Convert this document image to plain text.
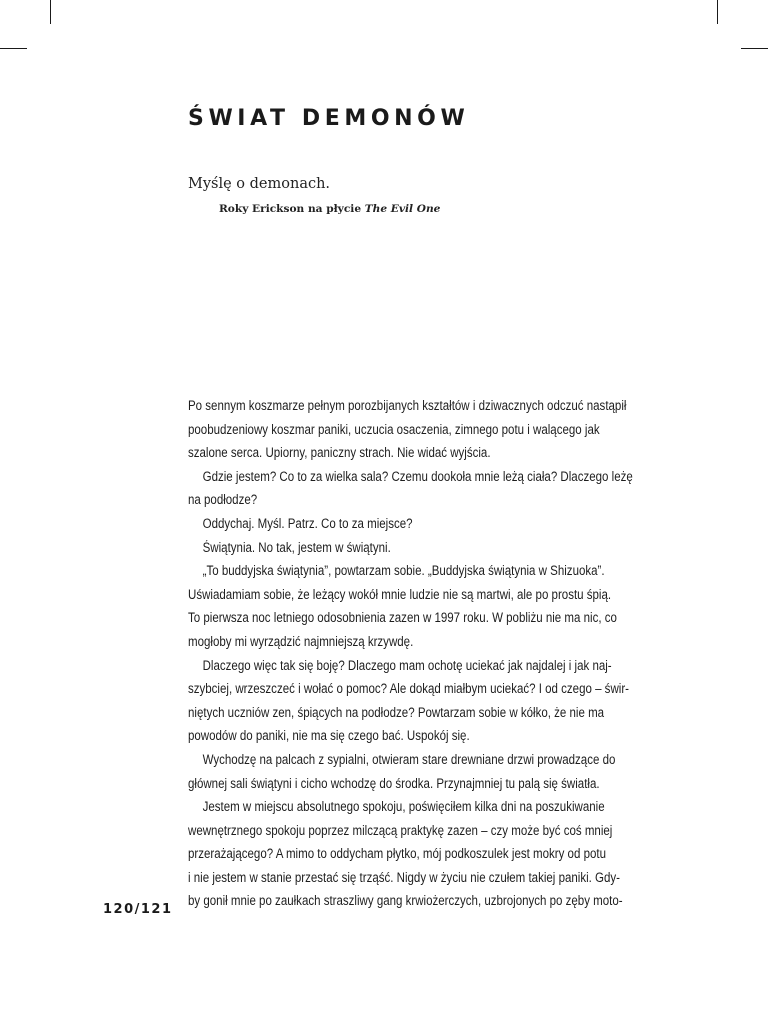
ŚWIAT DEMONÓW
Myślę o demonach.
Roky Erickson na płycie The Evil One
Po sennym koszmarze pełnym porozbijanych kształtów i dziwacznych odczuć nastąpił
poobudzeniowy koszmar paniki, uczucia osaczenia, zimnego potu i walącego jak
szalone serca. Upiorny, paniczny strach. Nie widać wyjścia.
Gdzie jestem? Co to za wielka sala? Czemu dookoła mnie leżą ciała? Dlaczego leżę
na podłodze?
Oddychaj. Myśl. Patrz. Co to za miejsce?
Świątynia. No tak, jestem w świątyni.
„To buddyjska świątynia”, powtarzam sobie. „Buddyjska świątynia w Shizuoka”.
Uświadamiam sobie, że leżący wokół mnie ludzie nie są martwi, ale po prostu śpią.
To pierwsza noc letniego odosobnienia zazen w 1997 roku. W pobliżu nie ma nic, co
mogłoby mi wyrządzić najmniejszą krzywdę.
Dlaczego więc tak się boję? Dlaczego mam ochotę uciekać jak najdalej i jak naj-
szybciej, wrzeszczeć i wołać o pomoc? Ale dokąd miałbym uciekać? I od czego – świr-
niętych uczniów zen, śpiących na podłodze? Powtarzam sobie w kółko, że nie ma
powodów do paniki, nie ma się czego bać. Uspokój się.
Wychodzę na palcach z sypialni, otwieram stare drewniane drzwi prowadzące do
głównej sali świątyni i cicho wchodzę do środka. Przynajmniej tu palą się światła.
Jestem w miejscu absolutnego spokoju, poświęciłem kilka dni na poszukiwanie
wewnętrznego spokoju poprzez milczącą praktykę zazen – czy może być coś mniej
przerażającego? A mimo to oddycham płytko, mój podkoszulek jest mokry od potu
i nie jestem w stanie przestać się trząść. Nigdy w życiu nie czułem takiej paniki. Gdy-
by gonił mnie po zaułkach straszliwy gang krwiożerczych, uzbrojonych po zęby moto-
120/121
